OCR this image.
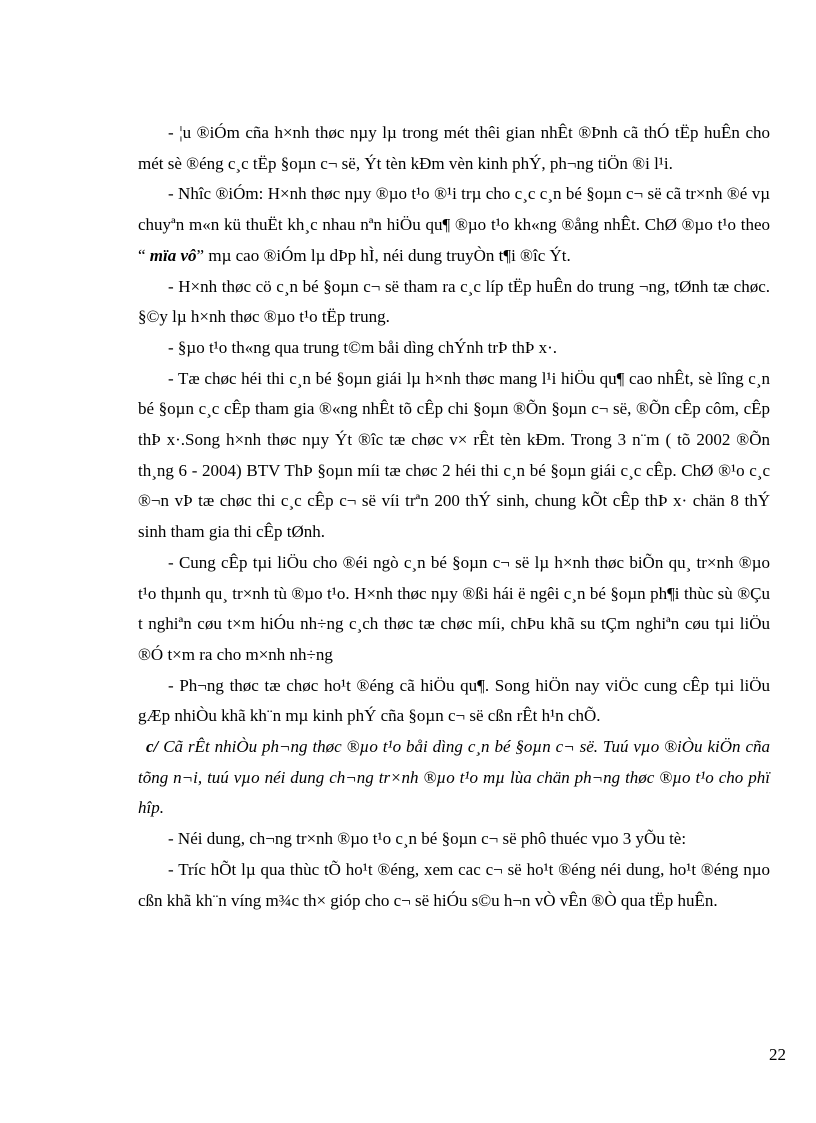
- ¦u ®iÓm cña h×nh thøc nµy lµ trong mét thêi gian nhÊt ®Þnh cã thÓ tËp huÊn cho mét sè ®éng c¸c tËp §oµn c¬ së, Ýt tèn kÐm vèn kinh phÝ, ph¬ng tiÖn ®i l¹i.

- Nhîc ®iÓm: H×nh thøc nµy ®µo t¹o ®¹i trµ cho c¸c c¸n bé §oµn c¬ së cã tr×nh ®é vµ chuyªn m«n kü thuËt kh¸c nhau nªn hiÖu qu¶ ®µo t¹o kh«ng ®ång nhÊt. ChØ ®µo t¹o theo “ mïa vô” mµ cao ®iÓm lµ dÞp hÌ, néi dung truyÒn t¶i ®îc Ýt.

- H×nh thøc cö c¸n bé §oµn c¬ së tham ra c¸c líp tËp huÊn do trung ¬ng, tØnh tæ chøc. §©y lµ h×nh thøc ®µo t¹o tËp trung.

- §µo t¹o th«ng qua trung t©m båi dìng chÝnh trÞ thÞ x·.

- Tæ chøc héi thi c¸n bé §oµn giái lµ h×nh thøc mang l¹i hiÖu qu¶ cao nhÊt, sè lîng c¸n bé §oµn c¸c cÊp tham gia ®«ng nhÊt tõ cÊp chi §oµn ®Õn §oµn c¬ së, ®Õn cÊp côm, cÊp thÞ x·.Song h×nh thøc nµy Ýt ®îc tæ chøc v× rÊt tèn kÐm. Trong 3 n¨m ( tõ 2002 ®Õn th¸ng 6 - 2004) BTV ThÞ §oµn míi tæ chøc 2 héi thi c¸n bé §oµn giái c¸c cÊp. ChØ ®¹o c¸c ®¬n vÞ tæ chøc thi c¸c cÊp c¬ së víi trªn 200 thÝ sinh, chung kÕt cÊp thÞ x· chän 8 thÝ sinh tham gia thi cÊp tØnh.

- Cung cÊp tµi liÖu cho ®éi ngò c¸n bé §oµn c¬ së lµ h×nh thøc biÕn qu¸ tr×nh ®µo t¹o thµnh qu¸ tr×nh tù ®µo t¹o. H×nh thøc nµy ®ßi hái ë ngêi c¸n bé §oµn ph¶i thùc sù ®Çu t nghiªn cøu t×m hiÓu nh÷ng c¸ch thøc tæ chøc míi, chÞu khã su tÇm nghiªn cøu tµi liÖu ®Ó t×m ra cho m×nh nh÷ng

- Ph¬ng thøc tæ chøc ho¹t ®éng cã hiÖu qu¶. Song hiÖn nay viÖc cung cÊp tµi liÖu gÆp nhiÒu khã kh¨n mµ kinh phÝ cña §oµn c¬ së cßn rÊt h¹n chÕ.

c/ Cã rÊt nhiÒu ph¬ng thøc ®µo t¹o båi dìng c¸n bé §oµn c¬ së. Tuú vµo ®iÒu kiÖn cña tõng n¬i, tuú vµo néi dung ch¬ng tr×nh ®µo t¹o mµ lùa chän ph¬ng thøc ®µo t¹o cho phï hîp.

- Néi dung, ch¬ng tr×nh ®µo t¹o c¸n bé §oµn c¬ së phô thuéc vµo 3 yÕu tè:

- Tríc hÕt lµ qua thùc tÕ ho¹t ®éng, xem cac c¬ së ho¹t ®éng néi dung, ho¹t ®éng nµo cßn khã kh¨n víng m¾c th× gióp cho c¬ së hiÓu s©u h¬n vÒ vÊn ®Ò qua tËp huÊn.

22
